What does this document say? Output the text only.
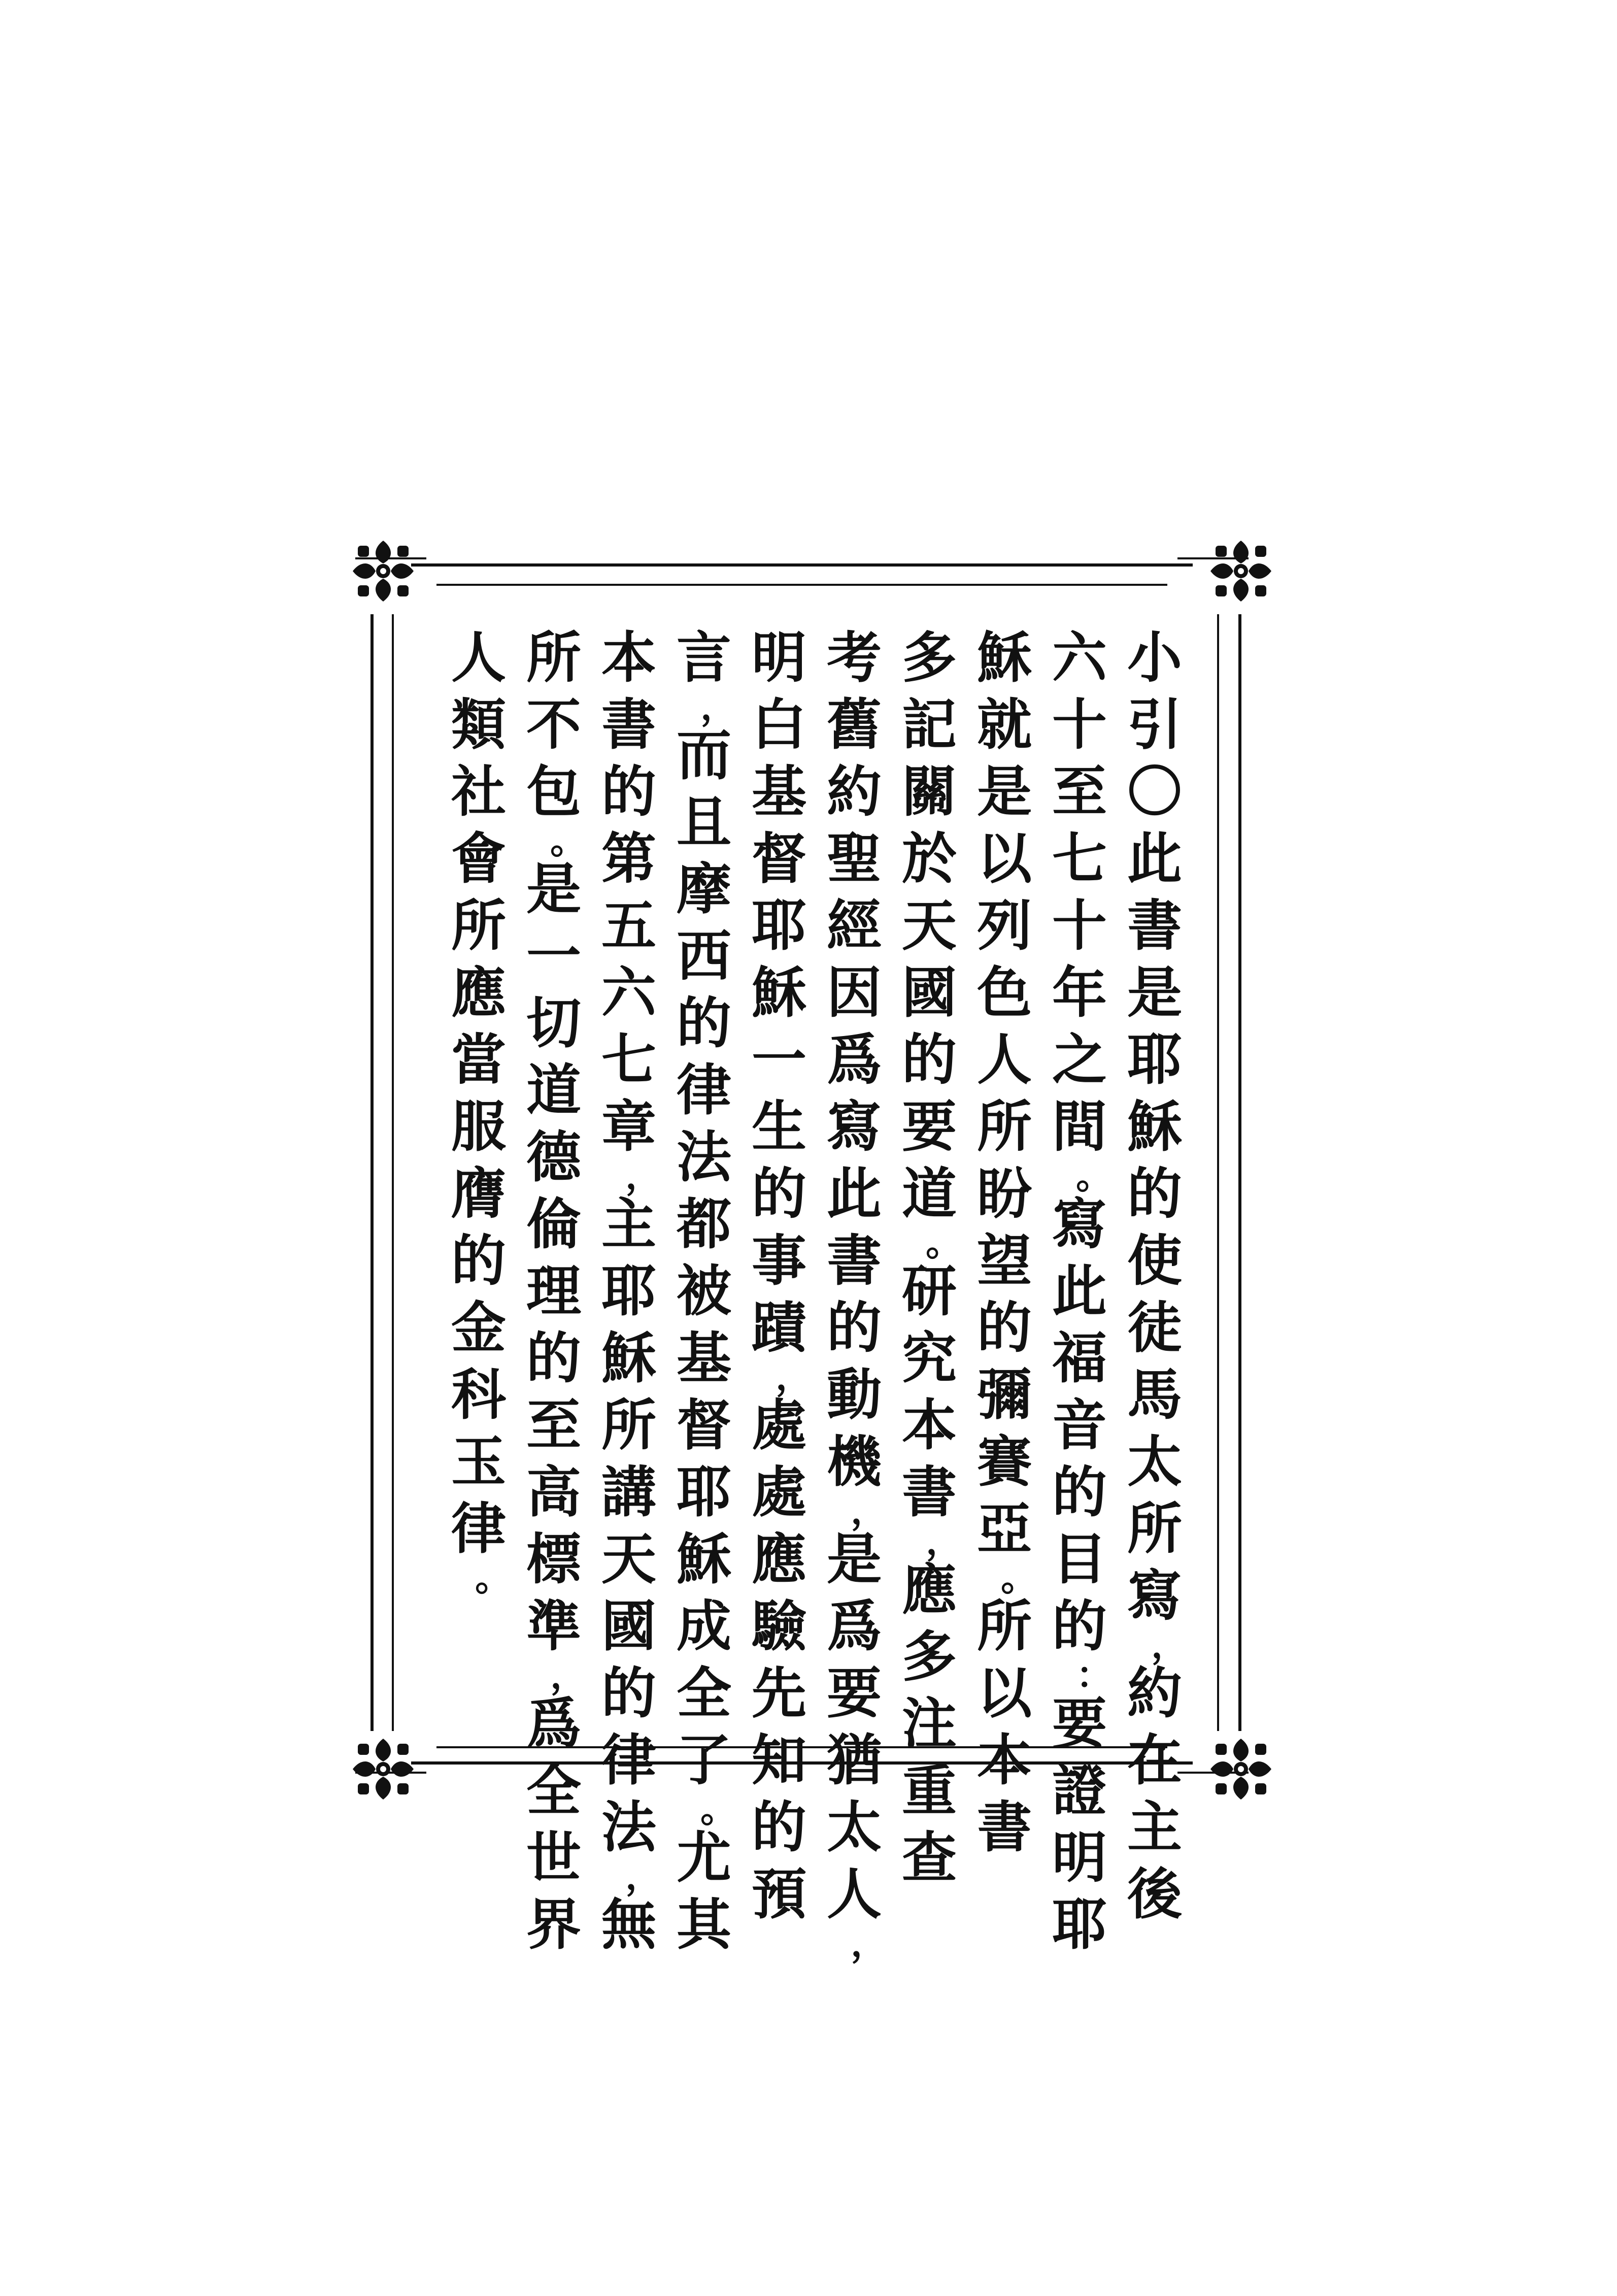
小
引
〇
此
書
是
耶
穌
的
使
徒
馬
太
所
寫
，
約
在
主
後
六
十
至
七
十
年
之
間
。
寫
此
福
音
的
目
的
：
要
證
明
耶
穌
就
是
以
列
色
人
所
盼
望
的
彌
賽
亞
。
所
以
本
書
多
記
關
於
天
國
的
要
道
。
研
究
本
書
，
應
多
注
重
查
考
舊
約
聖
經
因
爲
寫
此
書
的
動
機
，
是
爲
要
猶
太
人
，
明
白
基
督
耶
穌
一
生
的
事
蹟
，
處
處
應
驗
先
知
的
預
言
，
而
且
摩
西
的
律
法
都
被
基
督
耶
穌
成
全
了
。
尤
其
本
書
的
第
五
六
七
章
，
主
耶
穌
所
講
天
國
的
律
法
，
無
所
不
包
。
是
一
切
道
德
倫
理
的
至
高
標
準
，
爲
全
世
界
人
類
社
會
所
應
當
服
膺
的
金
科
玉
律
。
